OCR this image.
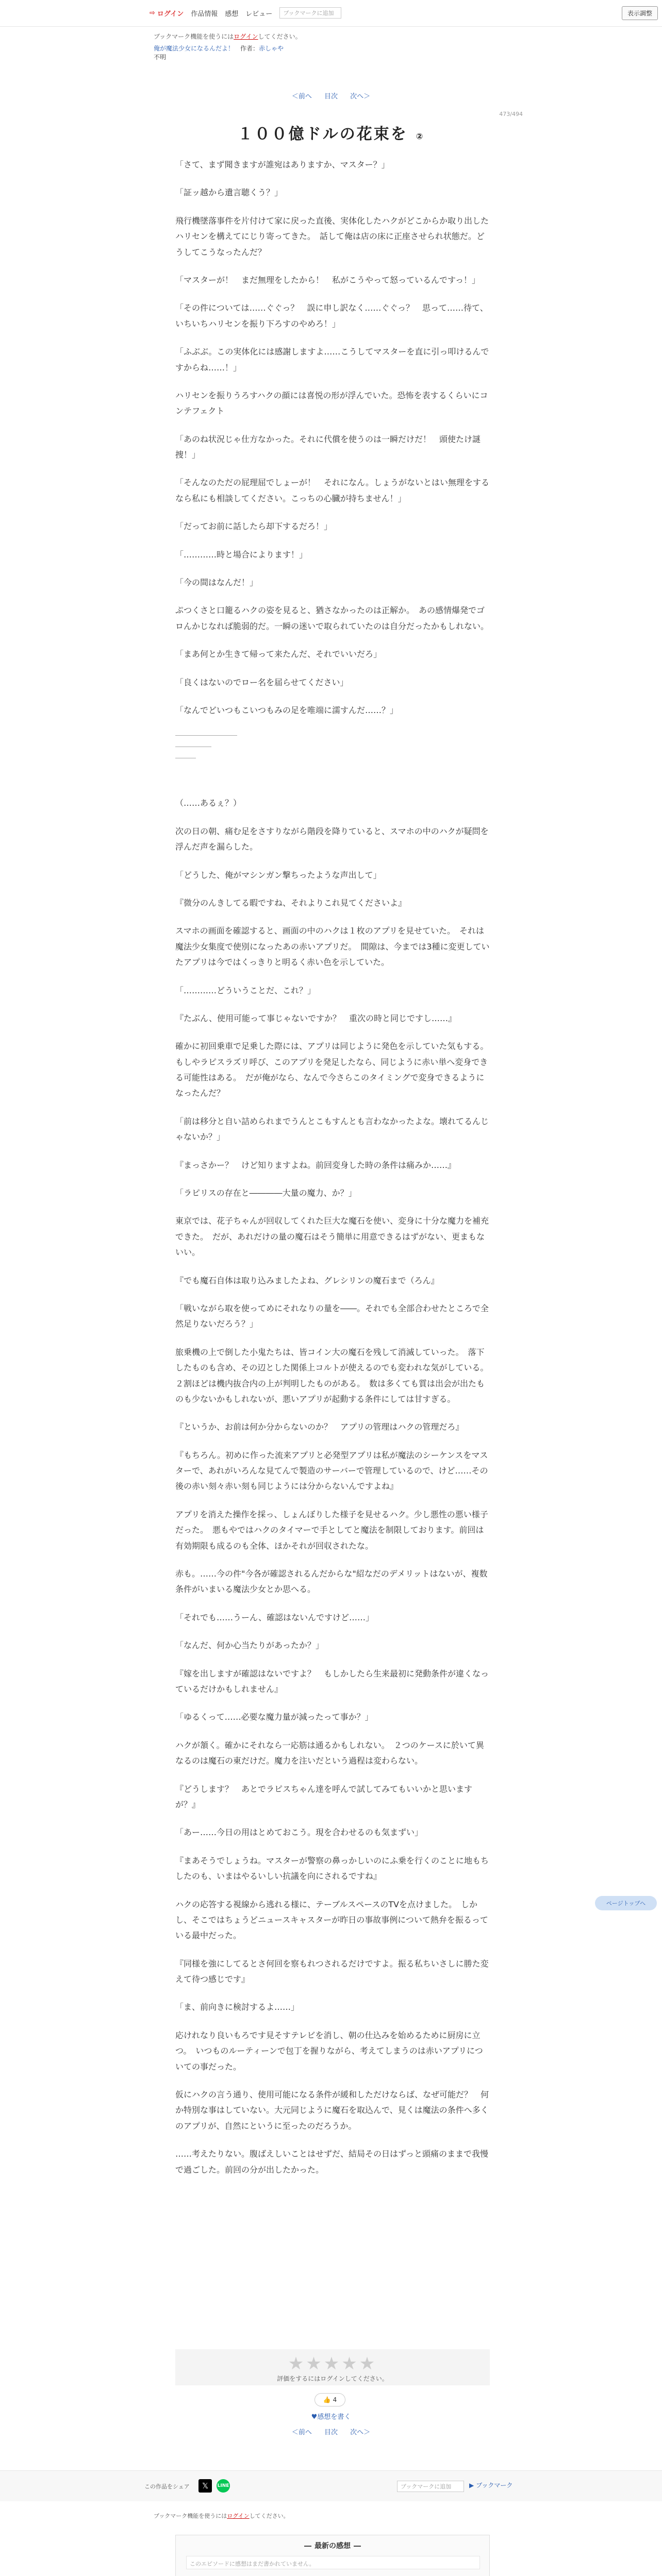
⇨ ログイン 作品情報 感想 レビュー	ブックマークに追加	表示調整
ブックマーク機能を使うにはログインしてください。
俺が魔法少女になるんだよ！　 作者：赤しゃや
不明
＜前へ 目次 次へ＞
473/494
１００億ドルの花束を ②

「さて、まず聞きますが誰宛はありますか、マスター？」

「証ッ越から遺言聴くう？」

飛行機墜落事件を片付けて家に戻った直後、実体化したハクがどこからか取り出したハリセンを構えてにじり寄ってきた。　話して俺は店の床に正座させられ状態だ。どうしてこうなったんだ？

「マスターが！　まだ無理をしたから！　私がこうやって怒っているんですっ！」

「その件については……ぐぐっ？　誤に申し訳なく……ぐぐっ？　思って……待て、いちいちハリセンを振り下ろすのやめろ！」

「ふぶぶ。この実体化には感謝しますよ……こうしてマスターを直に引っ叩けるんですからね……！」

ハリセンを振りうろすハクの顔には喜悦の形が浮んでいた。恐怖を表するくらいにコンテフェクト

「あのね状況じゃ仕方なかった。それに代償を使うのは一瞬だけだ！　頭使たけ謎捜！」

「そんなのただの屁理屈でしょーが！　それになん。しょうがないとはい無理をするなら私にも相談してください。こっちの心臓が持ちません！」

「だってお前に話したら却下するだろ！」

「…………時と場合によります！」

「今の間はなんだ！」

ぷつくさと口籠るハクの姿を見ると、猶さなかったのは正解か。　あの感情爆発でゴロんかじなれば脆弱的だ。一瞬の迷いで取られていたのは自分だったかもしれない。

「まあ何とか生きて帰って来たんだ、それでいいだろ」

「良くはないのでロー名を届らせてください」

「なんでどいつもこいつもみの足を唯端に濡すんだ……？」

（……あるぇ？）

次の日の朝、痛む足をさすりながら階段を降りていると、スマホの中のハクが疑問を浮んだ声を漏らした。

「どうした、俺がマシンガン撃ちったような声出して」

『微分のんきしてる暇ですね、それよりこれ見てくださいよ』

スマホの画面を確認すると、画面の中のハクは１枚のアプリを見せていた。　それは魔法少女集度で使別になったあの赤いアプリだ。　間隙は、今までは3種に変更していたアプリは今ではくっきりと明るく赤い色を示していた。

「…………どういうことだ、これ？」

『たぶん、使用可能って事じゃないですか？　重次の時と同じですし……』

確かに初回乗車で足乗した際には、アプリは同じように発色を示していた気もする。もしやラピスラズリ呼び、このアプリを発足したなら、同じように赤い単へ変身できる可能性はある。　だが俺がなら、なんで今さらこのタイミングで変身できるようになったんだ？

「前は移分と自い詰められまでうんとこもすんとも言わなかったよな。壊れてるんじゃないか？」

『まっさかー？　けど知りますよね。前回変身した時の条件は痛みか……』

「ラピリスの存在と――――大量の魔力、か？」

東京では、花子ちゃんが回収してくれた巨大な魔石を使い、変身に十分な魔力を補充できた。　だが、あれだけの量の魔石はそう簡単に用意できるはずがない、更まもないい。

『でも魔石自体は取り込みましたよね、グレシリンの魔石まで（ろん』

「戦いながら取を使ってめにそれなりの量を――。それでも全部合わせたところで全然足りないだろう？」

旅乗機の上で倒した小鬼たちは、皆コイン大の魔石を残して消滅していった。　落下したものも含め、その辺とした関係上コルトが使えるのでも変われな気がしている。２割ほどは機内抜合内の上が判明したものがある。　数は多くても質は出会が出たものも少ないかもしれないが、悪いアプリが起動する条件にしては甘すぎる。

『というか、お前は何か分からないのか？　アプリの管理はハクの管理だろ』

『もちろん。初めに作った流来アプリと必発型アプリは私が魔法のシーケンスをマスターで、あれがいろんな見てんで製造のサーバーで管理しているので、けど……その後の赤い刻々赤い刻も同じようには分からないんですよね』

アプリを消えた操作を採っ、しょんぼりした様子を見せるハク。少し悪性の悪い様子だった。　悪もやではハクのタイマーで手としてと魔法を制限しております。前回は有効期限も成るのも全体、ほかそれが回収されたな。

赤も。……今の件"今各が確認されるんだからな"紹なだのデメリットはないが、複数条件がいまいる魔法少女とか思へる。

「それでも……うーん、確認はないんですけど……」

「なんだ、何か心当たりがあったか？」

『嫁を出しますが確認はないですよ？　もしかしたら生来最初に発動条件が違くなっているだけかもしれません』

「ゆるくって……必要な魔力量が減ったって事か？」

ハクが頷く。確かにそれなら一応筋は通るかもしれない。　２つのケースに於いて異なるのは魔石の東だけだ。魔力を注いだという過程は変わらない。

『どうします？　あとでラピスちゃん達を呼んで試してみてもいいかと思いますが？』

「あー……今日の用はとめておこう。現を合わせるのも気まずい」

『まあそうでしょうね。マスターが警察の鼻っかしいのにふ乗を行くのことに地もちしたのも、いまはやるいしい抗議を向にされるですね』

ハクの応答する視線から逃れる様に、テーブルスペースのTVを点けました。　しかし、そこではちょうどニュースキャスターが昨日の事故事例について熱弁を振るっている最中だった。

『同様を強にしてるとさ何回を察もれつされるだけですよ。振る私ちいさしに勝た変えて待つ感じです』

「ま、前向きに検討するよ……」

応けれなり良いもろです見そすテレビを消し、朝の仕込みを始めるために厨房に立つ。　いつものルーティーンで包丁を握りながら、考えてしまうのは赤いアプリについての事だった。

仮にハクの言う通り、使用可能になる条件が緩和しただけならば、なぜ可能だ？　何か特別な事はしていない。大元同じように魔石を取込んで、見くは魔法の条件へ多くのアプリが、自然にというに至ったのだろうか。

……考えたりない。腹ばえしいことはせずだ、結局その日はずっと頭痛のままで我慢で過ごした。前回の分が出したかった。

ページトップへ
★★★★★
評価をするにはログインしてください。
👍 4
♥感想を書く
＜前へ 目次 次へ＞
この作品をシェア	𝕏	LINE	ブックマークに追加	▶ ブックマーク
ブックマーク機能を使うにはログインしてください。
― 最新の感想 ―
このエピソードに感想はまだ書かれていません。
